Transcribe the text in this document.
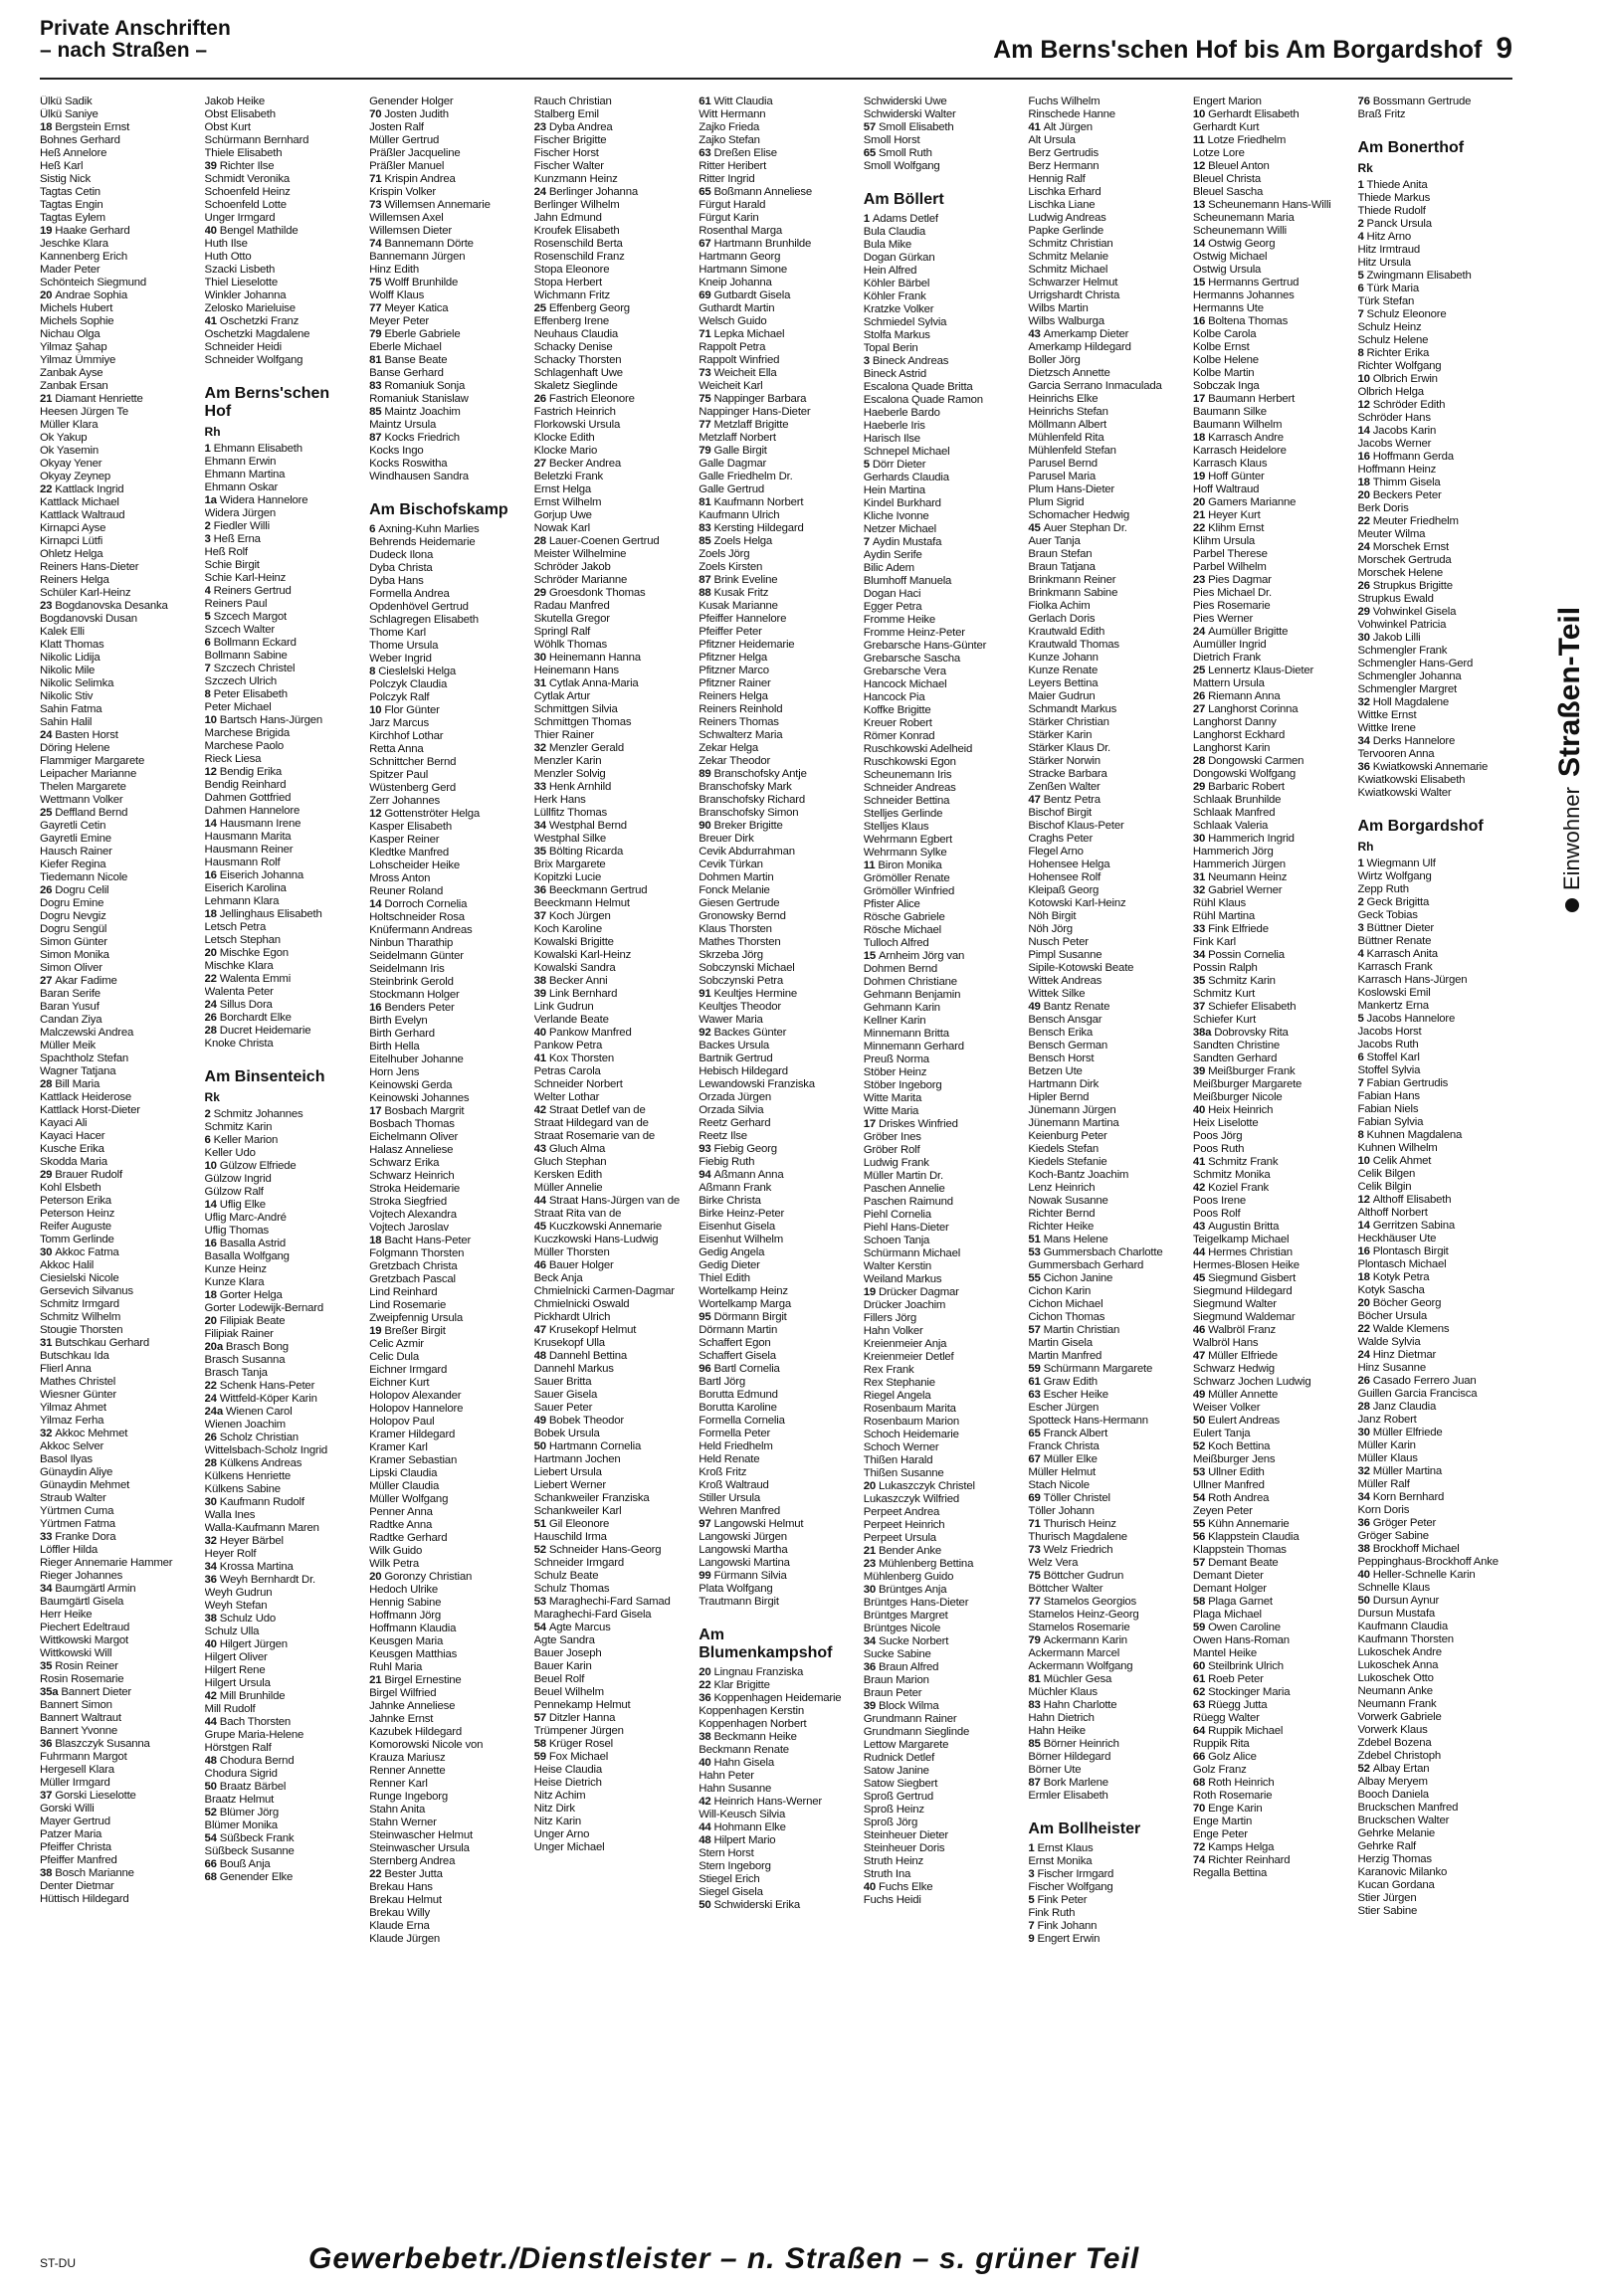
Private Anschriften
– nach Straßen –	Am Berns'schen Hof bis Am Borgardshof 9
Ülkü Sadik
Ülkü Saniye
18 Bergstein Ernst
Bohnes Gerhard
Heß Annelore
Heß Karl
Sistig Nick
Tagtas Cetin
Tagtas Engin
Tagtas Eylem
19 Haake Gerhard
Jeschke Klara
Kannenberg Erich
Mader Peter
Schönteich Siegmund
20 Andrae Sophia
Michels Hubert
Michels Sophie
Nichau Olga
Yilmaz Şahap
Yilmaz Ümmiye
Zanbak Ayse
Zanbak Ersan
21 Diamant Henriette
Heesen Jürgen Te
Müller Klara
Ok Yakup
Ok Yasemin
Okyay Yener
Okyay Zeynep
22 Kattlack Ingrid
Kattlack Michael
Kattlack Waltraud
Kirnapci Ayse
Kirnapci Lütfi
Ohletz Helga
Reiners Hans-Dieter
Reiners Helga
Schüler Karl-Heinz
23 Bogdanovska Desanka
Bogdanovski Dusan
Kalek Elli
Klatt Thomas
Nikolic Lidija
Nikolic Mile
Nikolic Selimka
Nikolic Stiv
Sahin Fatma
Sahin Halil
24 Basten Horst
Döring Helene
Flammiger Margarete
Leipacher Marianne
Thelen Margarete
Wettmann Volker
25 Deffland Bernd
Gayretli Cetin
Gayretli Emine
Hausch Rainer
Kiefer Regina
Tiedemann Nicole
26 Dogru Celil
Dogru Emine
Dogru Nevgiz
Dogru Sengül
Simon Günter
Simon Monika
Simon Oliver
27 Akar Fadime
Baran Serife
Baran Yusuf
Candan Ziya
Malczewski Andrea
Müller Meik
Spachtholz Stefan
Wagner Tatjana
28 Bill Maria
Kattlack Heiderose
Kattlack Horst-Dieter
Kayaci Ali
Kayaci Hacer
Kusche Erika
Skodda Maria
29 Brauer Rudolf
Kohl Elsbeth
Peterson Erika
Peterson Heinz
Reifer Auguste
Tomm Gerlinde
30 Akkoc Fatma
Akkoc Halil
Ciesielski Nicole
Gersevich Silvanus
Schmitz Irmgard
Schmitz Wilhelm
Stougie Thorsten
31 Butschkau Gerhard
Butschkau Ida
Flierl Anna
Mathes Christel
Wiesner Günter
Yilmaz Ahmet
Yilmaz Ferha
32 Akkoc Mehmet
Akkoc Selver
Basol Ilyas
Günaydin Aliye
Günaydin Mehmet
Straub Walter
Yürtmen Cuma
Yürtmen Fatma
33 Franke Dora
Löffler Hilda
Rieger Annemarie Hammer
Rieger Johannes
34 Baumgärtl Armin
Baumgärtl Gisela
Herr Heike
Piechert Edeltraud
Wittkowski Margot
Wittkowski Will
35 Rosin Reiner
Rosin Rosemarie
35a Bannert Dieter
Bannert Simon
Bannert Waltraut
Bannert Yvonne
36 Blaszczyk Susanna
Fuhrmann Margot
Hergesell Klara
Müller Irmgard
37 Gorski Lieselotte
Gorski Willi
Mayer Gertrud
Patzer Maria
Pfeiffer Christa
Pfeiffer Manfred
38 Bosch Marianne
Denter Dietmar
Hüttisch Hildegard
Jakob Heike
Obst Elisabeth
Obst Kurt
Schürmann Bernhard
Thiele Elisabeth
39 Richter Ilse
Schmidt Veronika
Schoenfeld Heinz
Schoenfeld Lotte
Unger Irmgard
40 Bengel Mathilde
Huth Ilse
Huth Otto
Szacki Lisbeth
Thiel Lieselotte
Winkler Johanna
Zelosko Marieluise
41 Oschetzki Franz
Oschetzki Magdalene
Schneider Heidi
Schneider Wolfgang
Am Berns'schen Hof
Rh
1 Ehmann Elisabeth
Ehmann Erwin
Ehmann Martina
Ehmann Oskar
1a Widera Hannelore
Widera Jürgen
2 Fiedler Willi
3 Heß Erna
Heß Rolf
Schie Birgit
Schie Karl-Heinz
4 Reiners Gertrud
Reiners Paul
5 Szcech Margot
Szcech Walter
6 Bollmann Eckard
Bollmann Sabine
7 Szczech Christel
Szczech Ulrich
8 Peter Elisabeth
Peter Michael
10 Bartsch Hans-Jürgen
Marchese Brigida
Marchese Paolo
Rieck Liesa
12 Bendig Erika
Bendig Reinhard
Dahmen Gottfried
Dahmen Hannelore
14 Hausmann Irene
Hausmann Marita
Hausmann Reiner
Hausmann Rolf
16 Eiserich Johanna
Eiserich Karolina
Lehmann Klara
18 Jellinghaus Elisabeth
Letsch Petra
Letsch Stephan
20 Mischke Egon
Mischke Klara
22 Walenta Emmi
Walenta Peter
24 Sillus Dora
26 Borchardt Elke
28 Ducret Heidemarie
Knoke Christa
Am Binsenteich
Rk
2 Schmitz Johannes
Schmitz Karin
6 Keller Marion
Keller Udo
10 Gülzow Elfriede
Gülzow Ingrid
Gülzow Ralf
14 Uflig Elke
Uflig Marc-André
Uflig Thomas
16 Basalla Astrid
Basalla Wolfgang
Kunze Heinz
Kunze Klara
18 Gorter Helga
Gorter Lodewijk-Bernard
20 Filipiak Beate
Filipiak Rainer
20a Brasch Bong
Brasch Susanna
Brasch Tanja
22 Schenk Hans-Peter
24 Wittfeld-Köper Karin
24a Wienen Carol
Wienen Joachim
26 Scholz Christian
Wittelsbach-Scholz Ingrid
28 Külkens Andreas
Külkens Henriette
Külkens Sabine
30 Kaufmann Rudolf
Walla Ines
Walla-Kaufmann Maren
32 Heyer Bärbel
Heyer Rolf
34 Krossa Martina
36 Weyh Bernhardt Dr.
Weyh Gudrun
Weyh Stefan
38 Schulz Udo
Schulz Ulla
40 Hilgert Jürgen
Hilgert Oliver
Hilgert Rene
Hilgert Ursula
42 Mill Brunhilde
Mill Rudolf
44 Bach Thorsten
Grupe Maria-Helene
Hörstgen Ralf
48 Chodura Bernd
Chodura Sigrid
50 Braatz Bärbel
Braatz Helmut
52 Blümer Jörg
Blümer Monika
54 Süßbeck Frank
Süßbeck Susanne
66 Bouß Anja
68 Genender Elke
Genender Holger
70 Josten Judith
Josten Ralf
Müller Gertrud
Präßler Jacqueline
Präßler Manuel
71 Krispin Andrea
Krispin Volker
73 Willemsen Annemarie
Willemsen Axel
Willemsen Dieter
74 Bannemann Dörte
Bannemann Jürgen
Hinz Edith
75 Wolff Brunhilde
Wolff Klaus
77 Meyer Katica
Meyer Peter
79 Eberle Gabriele
Eberle Michael
81 Banse Beate
Banse Gerhard
83 Romaniuk Sonja
Romaniuk Stanislaw
85 Maintz Joachim
Maintz Ursula
87 Kocks Friedrich
Kocks Ingo
Kocks Roswitha
Windhausen Sandra
Am Bischofskamp
6 Axning-Kuhn Marlies
Behrends Heidemarie
Dudeck Ilona
Dyba Christa
Dyba Hans
Formella Andrea
Opdenhövel Gertrud
Schlagregen Elisabeth
Thome Karl
Thome Ursula
Weber Ingrid
8 Cieslelski Helga
Polczyk Claudia
Polczyk Ralf
10 Flor Günter
Jarz Marcus
Kirchhof Lothar
Retta Anna
Schnittcher Bernd
Spitzer Paul
Wüstenberg Gerd
Zerr Johannes
12 Gottenströter Helga
Kasper Elisabeth
Kasper Reiner
Kledtke Manfred
Lohscheider Heike
Mross Anton
Reuner Roland
14 Dorroch Cornelia
Holtschneider Rosa
Knüfermann Andreas
Ninbun Tharathip
Seidelmann Günter
Seidelmann Iris
Steinbrink Gerold
Stockmann Holger
16 Benders Peter
Birth Evelyn
Birth Gerhard
Birth Hella
Eitelhuber Johanne
Horn Jens
Keinowski Gerda
Keinowski Johannes
17 Bosbach Margrit
Bosbach Thomas
Eichelmann Oliver
Halasz Anneliese
Schwarz Erika
Schwarz Heinrich
Stroka Heidemarie
Stroka Siegfried
Vojtech Alexandra
Vojtech Jaroslav
18 Bacht Hans-Peter
Folgmann Thorsten
Gretzbach Christa
Gretzbach Pascal
Lind Reinhard
Lind Rosemarie
Zweipfennig Ursula
19 Breßer Birgit
Celic Azmir
Celic Dula
Eichner Irmgard
Eichner Kurt
Holopov Alexander
Holopov Hannelore
Holopov Paul
Kramer Hildegard
Kramer Karl
Kramer Sebastian
Lipski Claudia
Müller Claudia
Müller Wolfgang
Penner Anna
Radtke Anna
Radtke Gerhard
Wilk Guido
Wilk Petra
20 Goronzy Christian
Hedoch Ulrike
Hennig Sabine
Hoffmann Jörg
Hoffmann Klaudia
Keusgen Maria
Keusgen Matthias
Ruhl Maria
21 Birgel Ernestine
Birgel Wilfried
Jahnke Anneliese
Jahnke Ernst
Kazubek Hildegard
Komorowski Nicole von
Krauza Mariusz
Renner Annette
Renner Karl
Runge Ingeborg
Stahn Anita
Stahn Werner
Steinwascher Helmut
Steinwascher Ursula
Sternberg Andrea
22 Bester Jutta
Brekau Hans
Brekau Helmut
Brekau Willy
Klaude Erna
Klaude Jürgen
Rauch Christian
Stalberg Emil
23 Dyba Andrea
Fischer Brigitte
Fischer Horst
Fischer Walter
Kunzmann Heinz
24 Berlinger Johanna
Berlinger Wilhelm
Jahn Edmund
Kroufek Elisabeth
Rosenschild Berta
Rosenschild Franz
Stopa Eleonore
Stopa Herbert
Wichmann Fritz
25 Effenberg Georg
Effenberg Irene
Neuhaus Claudia
Schacky Denise
Schacky Thorsten
Schlagenhaft Uwe
Skaletz Sieglinde
26 Fastrich Eleonore
Fastrich Heinrich
Florkowski Ursula
Klocke Edith
Klocke Mario
27 Becker Andrea
Beletzki Frank
Ernst Helga
Ernst Wilhelm
Gorjup Uwe
Nowak Karl
28 Lauer-Coenen Gertrud
Meister Wilhelmine
Schröder Jakob
Schröder Marianne
29 Groesdonk Thomas
Radau Manfred
Skutella Gregor
Springl Ralf
Wöhlk Thomas
30 Heinemann Hanna
Heinemann Hans
31 Cytlak Anna-Maria
Cytlak Artur
Schmittgen Silvia
Schmittgen Thomas
Thier Rainer
32 Menzler Gerald
Menzler Karin
Menzler Solvig
33 Henk Arnhild
Herk Hans
Lüllfitz Thomas
34 Westphal Bernd
Westphal Silke
35 Bölting Ricarda
Brix Margarete
Kopitzki Lucie
36 Beeckmann Gertrud
Beeckmann Helmut
37 Koch Jürgen
Koch Karoline
Kowalski Brigitte
Kowalski Karl-Heinz
Kowalski Sandra
38 Becker Anni
39 Link Bernhard
Link Gudrun
Verlande Beate
40 Pankow Manfred
Pankow Petra
41 Kox Thorsten
Petras Carola
Schneider Norbert
Welter Lothar
42 Straat Detlef van de
Straat Hildegard van de
Straat Rosemarie van de
43 Gluch Alma
Gluch Stephan
Kersken Edith
Müller Annelie
44 Straat Hans-Jürgen van de
Straat Rita van de
45 Kuczkowski Annemarie
Kuczkowski Hans-Ludwig
Müller Thorsten
46 Bauer Holger
Beck Anja
Chmielnicki Carmen-Dagmar
Chmielnicki Oswald
Pickhardt Ulrich
47 Krusekopf Helmut
Krusekopf Ulla
48 Dannehl Bettina
Dannehl Markus
Sauer Britta
Sauer Gisela
Sauer Peter
49 Bobek Theodor
Bobek Ursula
50 Hartmann Cornelia
Hartmann Jochen
Liebert Ursula
Liebert Werner
Schankweiler Franziska
Schankweiler Karl
51 Gil Eleonore
Hauschild Irma
52 Schneider Hans-Georg
Schneider Irmgard
Schulz Beate
Schulz Thomas
53 Maraghechi-Fard Samad
Maraghechi-Fard Gisela
54 Agte Marcus
Agte Sandra
Bauer Joseph
Bauer Karin
Beuel Rolf
Beuel Wilhelm
Pennekamp Helmut
57 Ditzler Hanna
Trümpener Jürgen
58 Krüger Rosel
59 Fox Michael
Heise Claudia
Heise Dietrich
Nitz Achim
Nitz Dirk
Nitz Karin
Unger Arno
Unger Michael
61 Witt Claudia
Witt Hermann
Zajko Frieda
Zajko Stefan
63 Dreßen Elise
Ritter Heribert
Ritter Ingrid
65 Boßmann Anneliese
Fürgut Harald
Fürgut Karin
Rosenthal Marga
67 Hartmann Brunhilde
Hartmann Georg
Hartmann Simone
Kneip Johanna
69 Gutbardt Gisela
Guthardt Martin
Welsch Guido
71 Lepka Michael
Rappolt Petra
Rappolt Winfried
73 Weicheit Ella
Weicheit Karl
75 Nappinger Barbara
Nappinger Hans-Dieter
77 Metzlaff Brigitte
Metzlaff Norbert
79 Galle Birgit
Galle Dagmar
Galle Friedhelm Dr.
Galle Gertrud
81 Kaufmann Norbert
Kaufmann Ulrich
83 Kersting Hildegard
85 Zoels Helga
Zoels Jörg
Zoels Kirsten
87 Brink Eveline
88 Kusak Fritz
Kusak Marianne
Pfeiffer Hannelore
Pfeiffer Peter
Pfitzner Heidemarie
Pfitzner Helga
Pfitzner Marco
Pfitzner Rainer
Reiners Helga
Reiners Reinhold
Reiners Thomas
Schwalterz Maria
Zekar Helga
Zekar Theodor
89 Branschofsky Antje
Branschofsky Mark
Branschofsky Richard
Branschofsky Simon
90 Breker Brigitte
Breuer Dirk
Cevik Abdurrahman
Cevik Türkan
Dohmen Martin
Fonck Melanie
Giesen Gertrude
Gronowsky Bernd
Klaus Thorsten
Mathes Thorsten
Skrzeba Jörg
Sobczynski Michael
Sobczynski Petra
91 Keultjes Hermine
Keultjes Theodor
Wawer Maria
92 Backes Günter
Backes Ursula
Bartnik Gertrud
Hebisch Hildegard
Lewandowski Franziska
Orzada Jürgen
Orzada Silvia
Reetz Gerhard
Reetz Ilse
93 Fiebig Georg
Fiebig Ruth
94 Aßmann Anna
Aßmann Frank
Birke Christa
Birke Heinz-Peter
Eisenhut Gisela
Eisenhut Wilhelm
Gedig Angela
Gedig Dieter
Thiel Edith
Wortelkamp Heinz
Wortelkamp Marga
95 Dörmann Birgit
Dörmann Martin
Schaffert Egon
Schaffert Gisela
96 Bartl Cornelia
Bartl Jörg
Borutta Edmund
Borutta Karoline
Formella Cornelia
Formella Peter
Held Friedhelm
Held Renate
Kroß Fritz
Kroß Waltraud
Stiller Ursula
Wehren Manfred
97 Langowski Helmut
Langowski Jürgen
Langowski Martha
Langowski Martina
99 Fürmann Silvia
Plata Wolfgang
Trautmann Birgit
Am Blumenkampshof
20 Lingnau Franziska
22 Klar Brigitte
36 Koppenhagen Heidemarie
Koppenhagen Kerstin
Koppenhagen Norbert
38 Beckmann Heike
Beckmann Renate
40 Hahn Gisela
Hahn Peter
Hahn Susanne
42 Heinrich Hans-Werner
Will-Keusch Silvia
44 Hohmann Elke
48 Hilpert Mario
Stern Horst
Stern Ingeborg
Stiegel Erich
Siegel Gisela
50 Schwiderski Erika
Schwiderski Uwe
Schwiderski Walter
57 Smoll Elisabeth
Smoll Horst
65 Smoll Ruth
Smoll Wolfgang
Am Böllert
1 Adams Detlef
Bula Claudia
Bula Mike
Dogan Gürkan
Hein Alfred
Köhler Bärbel
Köhler Frank
Kratzke Volker
Schmiedel Sylvia
Stolfa Markus
Topal Berin
3 Bineck Andreas
Bineck Astrid
Escalona Quade Britta
Escalona Quade Ramon
Haeberle Bardo
Haeberle Iris
Harisch Ilse
Schnepel Michael
5 Dörr Dieter
Gerhards Claudia
Hein Martina
Kindel Burkhard
Kliche Ivonne
Netzer Michael
7 Aydin Mustafa
Aydin Serife
Bilic Adem
Blumhoff Manuela
Dogan Haci
Egger Petra
Fromme Heike
Fromme Heinz-Peter
Grebarsche Hans-Günter
Grebarsche Sascha
Grebarsche Vera
Hancock Michael
Hancock Pia
Koffke Brigitte
Kreuer Robert
Römer Konrad
Ruschkowski Adelheid
Ruschkowski Egon
Scheunemann Iris
Schneider Andreas
Schneider Bettina
Stelljes Gerlinde
Stelljes Klaus
Wehrmann Egbert
Wehrmann Sylke
11 Biron Monika
Grömöller Renate
Grömöller Winfried
Pfister Alice
Rösche Gabriele
Rösche Michael
Tulloch Alfred
15 Arnheim Jörg van
Dohmen Bernd
Dohmen Christiane
Gehmann Benjamin
Gehmann Karin
Kellner Karin
Minnemann Britta
Minnemann Gerhard
Preuß Norma
Stöber Heinz
Stöber Ingeborg
Witte Marita
Witte Maria
17 Driskes Winfried
Gröber Ines
Gröber Rolf
Ludwig Frank
Müller Martin Dr.
Paschen Annelie
Paschen Raimund
Piehl Cornelia
Piehl Hans-Dieter
Schoen Tanja
Schürmann Michael
Walter Kerstin
Weiland Markus
19 Drücker Dagmar
Drücker Joachim
Fillers Jörg
Hahn Volker
Kreienmeier Anja
Kreienmeier Detlef
Rex Frank
Rex Stephanie
Riegel Angela
Rosenbaum Marita
Rosenbaum Marion
Schoch Heidemarie
Schoch Werner
Thißen Harald
Thißen Susanne
20 Lukaszczyk Christel
Lukaszczyk Wilfried
Perpeet Andrea
Perpeet Heinrich
Perpeet Ursula
21 Bender Anke
23 Mühlenberg Bettina
Mühlenberg Guido
30 Brüntges Anja
Brüntges Hans-Dieter
Brüntges Margret
Brüntges Nicole
34 Sucke Norbert
Sucke Sabine
36 Braun Alfred
Braun Marion
Braun Peter
39 Block Wilma
Grundmann Rainer
Grundmann Sieglinde
Lettow Margarete
Rudnick Detlef
Satow Janine
Satow Siegbert
Sproß Gertrud
Sproß Heinz
Sproß Jörg
Steinheuer Dieter
Steinheuer Doris
Struth Heinz
Struth Ina
40 Fuchs Elke
Fuchs Heidi
Fuchs Wilhelm
Rinschede Hanne
41 Alt Jürgen
Alt Ursula
Berz Gertrudis
Berz Hermann
Hennig Ralf
Lischka Erhard
Lischka Liane
Ludwig Andreas
Papke Gerlinde
Schmitz Christian
Schmitz Melanie
Schmitz Michael
Schwarzer Helmut
Urrigshardt Christa
Wilbs Martin
Wilbs Walburga
43 Amerkamp Dieter
Amerkamp Hildegard
Boller Jörg
Dietzsch Annette
Garcia Serrano Inmaculada
Heinrichs Elke
Heinrichs Stefan
Möllmann Albert
Mühlenfeld Rita
Mühlenfeld Stefan
Parusel Bernd
Parusel Maria
Plum Hans-Dieter
Plum Sigrid
Schomacher Hedwig
45 Auer Stephan Dr.
Auer Tanja
Braun Stefan
Braun Tatjana
Brinkmann Reiner
Brinkmann Sabine
Fiolka Achim
Gerlach Doris
Krautwald Edith
Krautwald Thomas
Kunze Johann
Kunze Renate
Leyers Bettina
Maier Gudrun
Schmandt Markus
Stärker Christian
Stärker Karin
Stärker Klaus Dr.
Stärker Norwin
Stracke Barbara
Zenßen Walter
47 Bentz Petra
Bischof Birgit
Bischof Klaus-Peter
Craghs Peter
Flegel Arno
Hohensee Helga
Hohensee Rolf
Kleipaß Georg
Kotowski Karl-Heinz
Nöh Birgit
Nöh Jörg
Nusch Peter
Pimpl Susanne
Sipile-Kotowski Beate
Wittek Andreas
Wittek Silke
49 Bantz Renate
Bensch Ansgar
Bensch Erika
Bensch German
Bensch Horst
Betzen Ute
Hartmann Dirk
Hipler Bernd
Jünemann Jürgen
Jünemann Martina
Keienburg Peter
Kiedels Stefan
Kiedels Stefanie
Koch-Bantz Joachim
Lenz Heinrich
Nowak Susanne
Richter Bernd
Richter Heike
51 Mans Helene
53 Gummersbach Charlotte
Gummersbach Gerhard
55 Cichon Janine
Cichon Karin
Cichon Michael
Cichon Thomas
57 Martin Christian
Martin Gisela
Martin Manfred
59 Schürmann Margarete
61 Graw Edith
63 Escher Heike
Escher Jürgen
Spotteck Hans-Hermann
65 Franck Albert
Franck Christa
67 Müller Elke
Müller Helmut
Stach Nicole
69 Töller Christel
Töller Johann
71 Thurisch Heinz
Thurisch Magdalene
73 Welz Friedrich
Welz Vera
75 Böttcher Gudrun
Böttcher Walter
77 Stamelos Georgios
Stamelos Heinz-Georg
Stamelos Rosemarie
79 Ackermann Karin
Ackermann Marcel
Ackermann Wolfgang
81 Müchler Gesa
Müchler Klaus
83 Hahn Charlotte
Hahn Dietrich
Hahn Heike
85 Börner Heinrich
Börner Hildegard
Börner Ute
87 Bork Marlene
Ermler Elisabeth
Am Bollheister
1 Ernst Klaus
Ernst Monika
3 Fischer Irmgard
Fischer Wolfgang
5 Fink Peter
Fink Ruth
7 Fink Johann
9 Engert Erwin
Engert Marion
10 Gerhardt Elisabeth
Gerhardt Kurt
11 Lotze Friedhelm
Lotze Lore
12 Bleuel Anton
Bleuel Christa
Bleuel Sascha
13 Scheunemann Hans-Willi
Scheunemann Maria
Scheunemann Willi
14 Ostwig Georg
Ostwig Michael
Ostwig Ursula
15 Hermanns Gertrud
Hermanns Johannes
Hermanns Ute
16 Boltena Thomas
Kolbe Carola
Kolbe Ernst
Kolbe Helene
Kolbe Martin
Sobczak Inga
17 Baumann Herbert
Baumann Silke
Baumann Wilhelm
18 Karrasch Andre
Karrasch Heidelore
Karrasch Klaus
19 Hoff Günter
Hoff Waltraud
20 Gamers Marianne
21 Heyer Kurt
22 Klihm Ernst
Klihm Ursula
Parbel Therese
Parbel Wilhelm
23 Pies Dagmar
Pies Michael Dr.
Pies Rosemarie
Pies Werner
24 Aumüller Brigitte
Aumüller Ingrid
Dietrich Frank
25 Lennertz Klaus-Dieter
Mattern Ursula
26 Riemann Anna
27 Langhorst Corinna
Langhorst Danny
Langhorst Eckhard
Langhorst Karin
28 Dongowski Carmen
Dongowski Wolfgang
29 Barbaric Robert
Schlaak Brunhilde
Schlaak Manfred
Schlaak Valeria
30 Hammerich Ingrid
Hammerich Jörg
Hammerich Jürgen
31 Neumann Heinz
32 Gabriel Werner
Rühl Klaus
Rühl Martina
33 Fink Elfriede
Fink Karl
34 Possin Cornelia
Possin Ralph
35 Schmitz Karin
Schmitz Kurt
37 Schiefer Elisabeth
Schiefer Kurt
38a Dobrovsky Rita
Sandten Christine
Sandten Gerhard
39 Meißburger Frank
Meißburger Margarete
Meißburger Nicole
40 Heix Heinrich
Heix Liselotte
Poos Jörg
Poos Ruth
41 Schmitz Frank
Schmitz Monika
42 Koziel Frank
Poos Irene
Poos Rolf
43 Augustin Britta
Teigelkamp Michael
44 Hermes Christian
Hermes-Blosen Heike
45 Siegmund Gisbert
Siegmund Hildegard
Siegmund Walter
Siegmund Waldemar
46 Walbröl Franz
Walbröl Hans
47 Müller Elfriede
Schwarz Hedwig
Schwarz Jochen Ludwig
49 Müller Annette
Weiser Volker
50 Eulert Andreas
Eulert Tanja
52 Koch Bettina
Meißburger Jens
53 Ullner Edith
Ullner Manfred
54 Roth Andrea
Zeyen Peter
55 Kühn Annemarie
56 Klappstein Claudia
Klappstein Thomas
57 Demant Beate
Demant Dieter
Demant Holger
58 Plaga Garnet
Plaga Michael
59 Owen Caroline
Owen Hans-Roman
Mantel Heike
60 Steilbrink Ulrich
61 Roeb Peter
62 Stockinger Maria
63 Rüegg Jutta
Rüegg Walter
64 Ruppik Michael
Ruppik Rita
66 Golz Alice
Golz Franz
68 Roth Heinrich
Roth Rosemarie
70 Enge Karin
Enge Martin
Enge Peter
72 Kamps Helga
74 Richter Reinhard
Regalla Bettina
76 Bossmann Gertrude
Braß Fritz
Am Bonerthof
Rk
1 Thiede Anita
Thiede Markus
Thiede Rudolf
2 Panck Ursula
4 Hitz Arno
Hitz Irmtraud
Hitz Ursula
5 Zwingmann Elisabeth
6 Türk Maria
Türk Stefan
7 Schulz Eleonore
Schulz Heinz
Schulz Helene
8 Richter Erika
Richter Wolfgang
10 Olbrich Erwin
Olbrich Helga
12 Schröder Edith
Schröder Hans
14 Jacobs Karin
Jacobs Werner
16 Hoffmann Gerda
Hoffmann Heinz
18 Thimm Gisela
20 Beckers Peter
Berk Doris
22 Meuter Friedhelm
Meuter Wilma
24 Morschek Ernst
Morschek Gertruda
Morschek Helene
26 Strupkus Brigitte
Strupkus Ewald
29 Vohwinkel Gisela
Vohwinkel Patricia
30 Jakob Lilli
Schmengler Frank
Schmengler Hans-Gerd
Schmengler Johanna
Schmengler Margret
32 Holl Magdalene
Wittke Ernst
Wittke Irene
34 Derks Hannelore
Tervooren Anna
36 Kwiatkowski Annemarie
Kwiatkowski Elisabeth
Kwiatkowski Walter
Am Borgardshof
Rh
1 Wiegmann Ulf
Wirtz Wolfgang
Zepp Ruth
2 Geck Brigitta
Geck Tobias
3 Büttner Dieter
Büttner Renate
4 Karrasch Anita
Karrasch Frank
Karrasch Hans-Jürgen
Koslowski Emil
Mankertz Erna
5 Jacobs Hannelore
Jacobs Horst
Jacobs Ruth
6 Stoffel Karl
Stoffel Sylvia
7 Fabian Gertrudis
Fabian Hans
Fabian Niels
Fabian Sylvia
8 Kuhnen Magdalena
Kuhnen Wilhelm
10 Celik Ahmet
Celik Bilgen
Celik Bilgin
12 Althoff Elisabeth
Althoff Norbert
14 Gerritzen Sabina
Heckhäuser Ute
16 Plontasch Birgit
Plontasch Michael
18 Kotyk Petra
Kotyk Sascha
20 Böcher Georg
Böcher Ursula
22 Walde Klemens
Walde Sylvia
24 Hinz Dietmar
Hinz Susanne
26 Casado Ferrero Juan
Guillen Garcia Francisca
28 Janz Claudia
Janz Robert
30 Müller Elfriede
Müller Karin
Müller Klaus
32 Müller Martina
Müller Ralf
34 Korn Bernhard
Korn Doris
36 Gröger Peter
Gröger Sabine
38 Brockhoff Michael
Peppinghaus-Brockhoff Anke
40 Heller-Schnelle Karin
Schnelle Klaus
50 Dursun Aynur
Dursun Mustafa
Kaufmann Claudia
Kaufmann Thorsten
Lukoschek Andre
Lukoschek Anna
Lukoschek Otto
Neumann Anke
Neumann Frank
Vorwerk Gabriele
Vorwerk Klaus
Zdebel Bozena
Zdebel Christoph
52 Albay Ertan
Albay Meryem
Booch Daniela
Bruckschen Manfred
Bruckschen Walter
Gehrke Melanie
Gehrke Ralf
Herzig Thomas
Karanovic Milanko
Kucan Gordana
Stier Jürgen
Stier Sabine
EinwohnerStraßen-Teil
ST-DU	Gewerbebetr./Dienstleister – n. Straßen – s. grüner Teil
